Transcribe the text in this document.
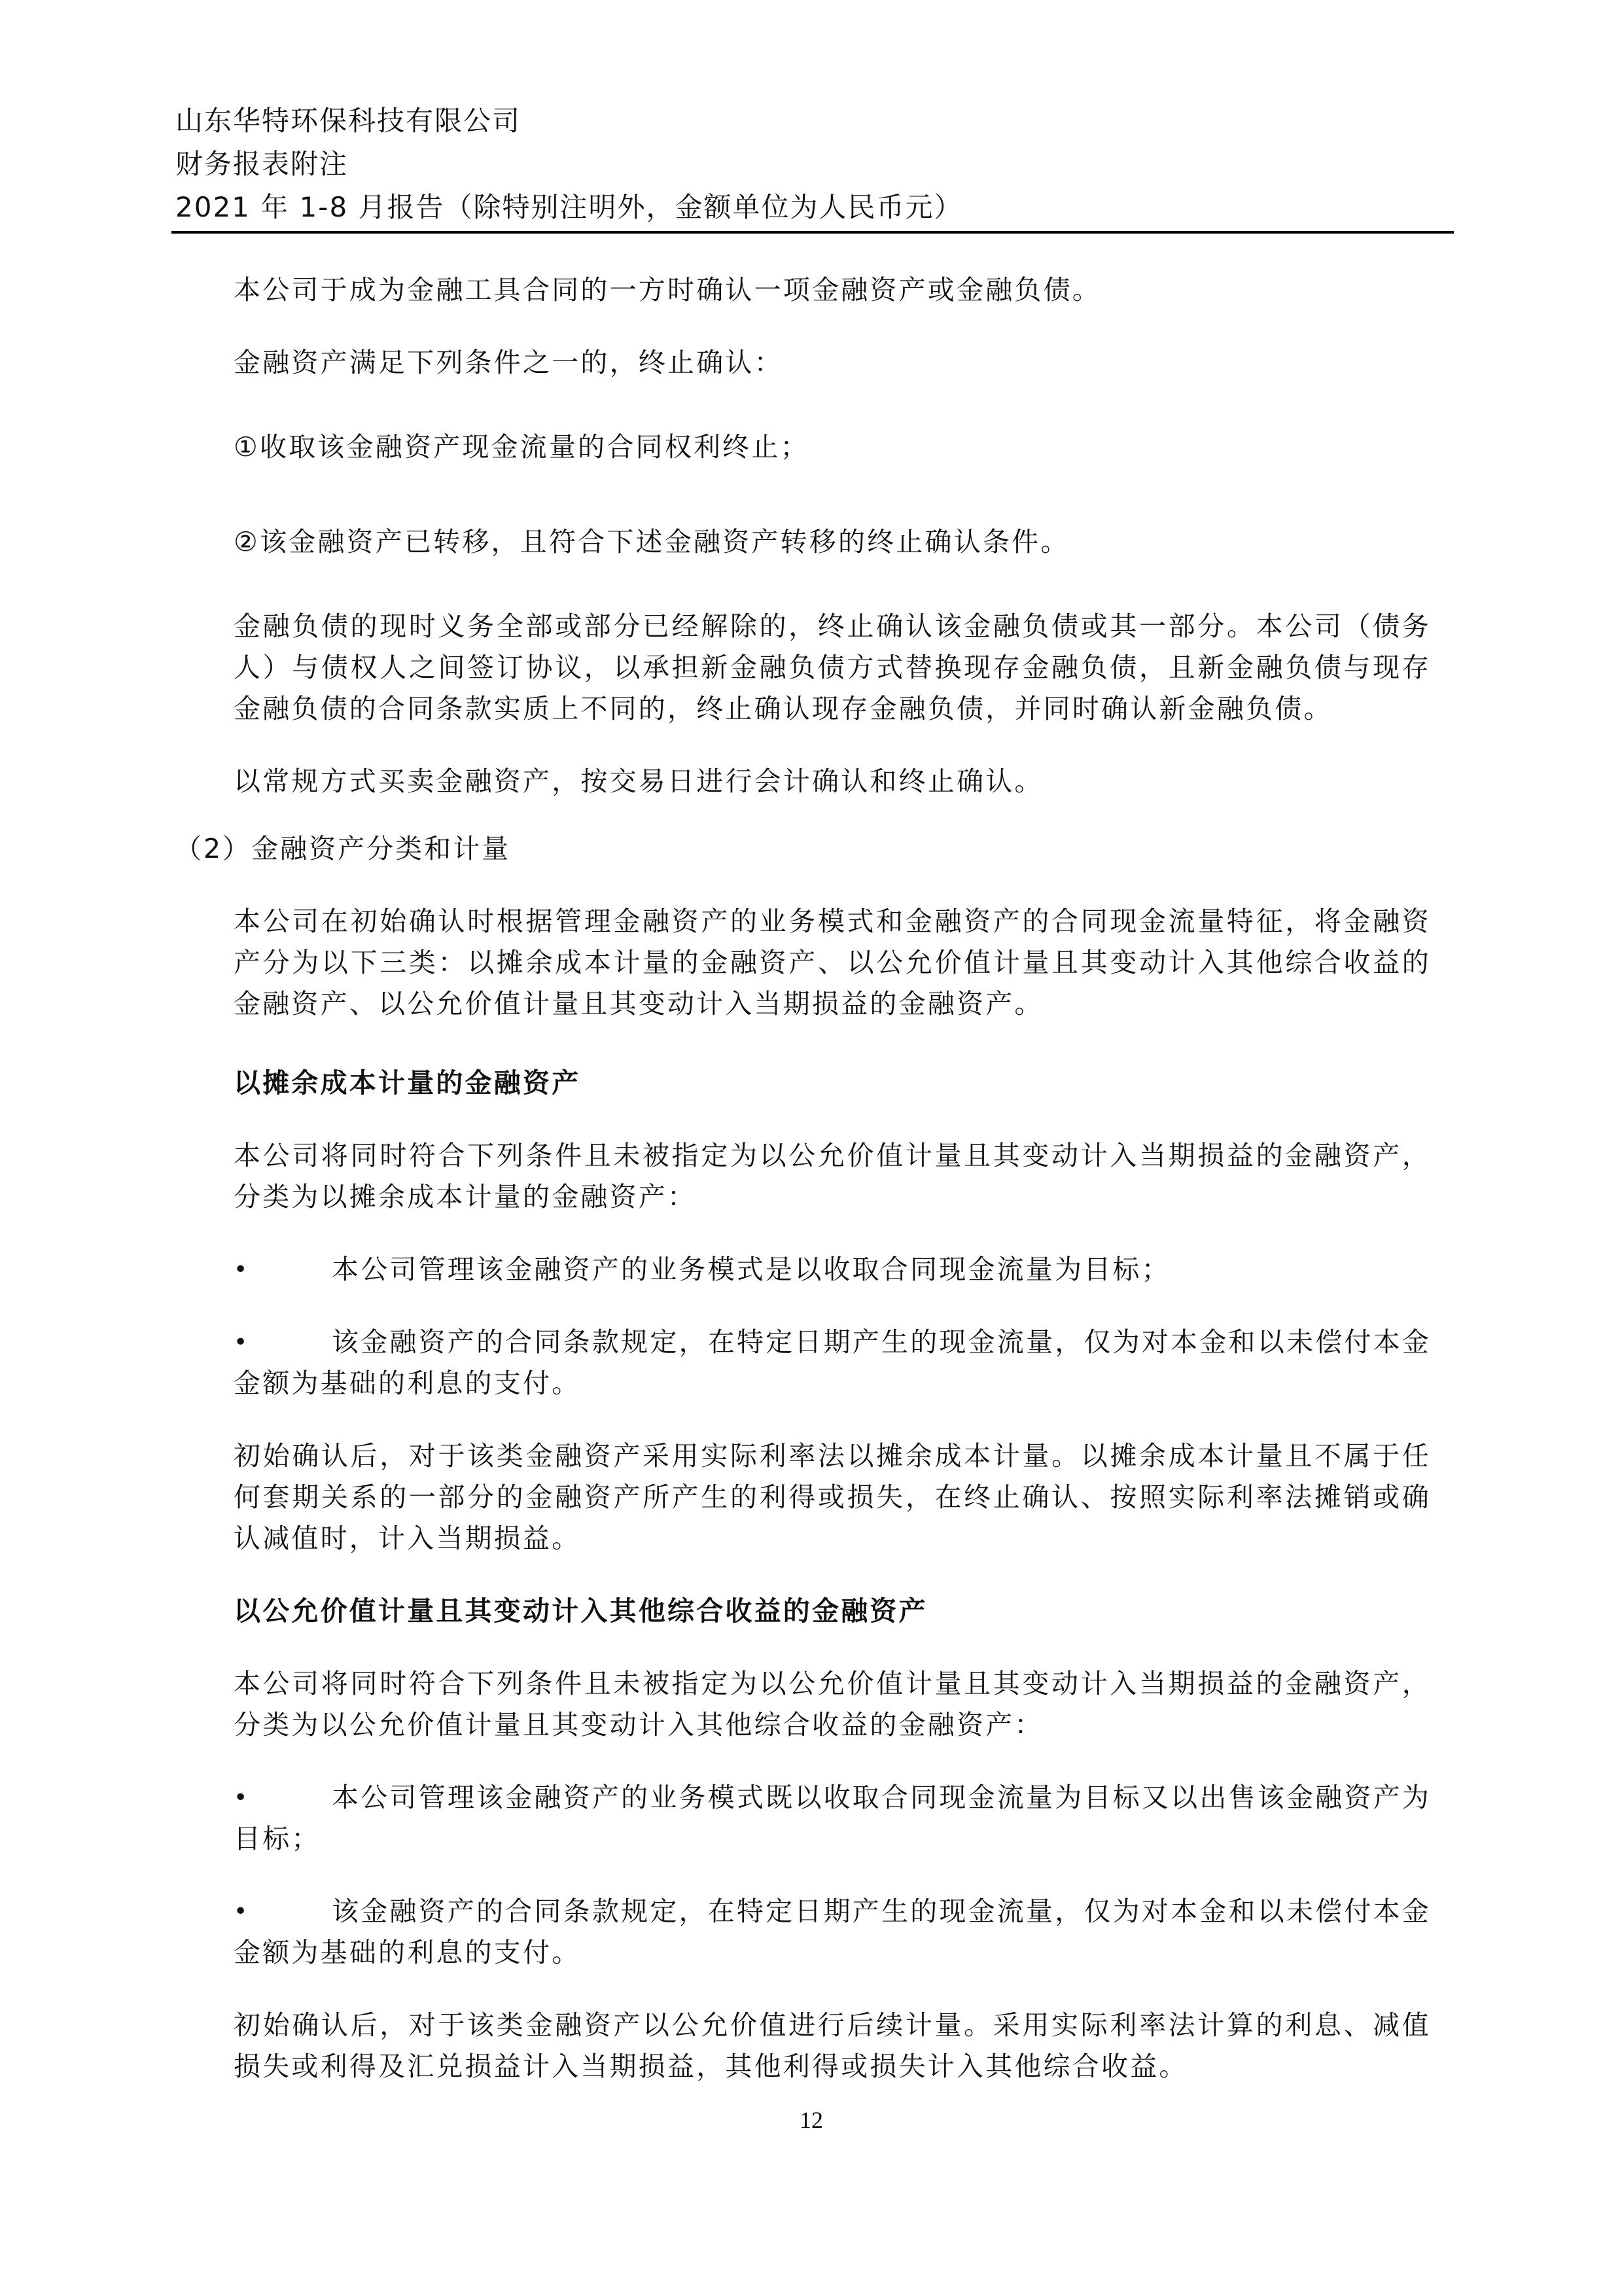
山东华特环保科技有限公司
财务报表附注
2021 年 1-8 月报告（除特别注明外，金额单位为人民币元）

本公司于成为金融工具合同的一方时确认一项金融资产或金融负债。

金融资产满足下列条件之一的，终止确认：

①收取该金融资产现金流量的合同权利终止；

②该金融资产已转移，且符合下述金融资产转移的终止确认条件。

金融负债的现时义务全部或部分已经解除的，终止确认该金融负债或其一部分。本公司（债务人）与债权人之间签订协议，以承担新金融负债方式替换现存金融负债，且新金融负债与现存金融负债的合同条款实质上不同的，终止确认现存金融负债，并同时确认新金融负债。

以常规方式买卖金融资产，按交易日进行会计确认和终止确认。

（2）金融资产分类和计量

本公司在初始确认时根据管理金融资产的业务模式和金融资产的合同现金流量特征，将金融资产分为以下三类：以摊余成本计量的金融资产、以公允价值计量且其变动计入其他综合收益的金融资产、以公允价值计量且其变动计入当期损益的金融资产。

以摊余成本计量的金融资产

本公司将同时符合下列条件且未被指定为以公允价值计量且其变动计入当期损益的金融资产，分类为以摊余成本计量的金融资产：

•	本公司管理该金融资产的业务模式是以收取合同现金流量为目标；
•	该金融资产的合同条款规定，在特定日期产生的现金流量，仅为对本金和以未偿付本金金额为基础的利息的支付。

初始确认后，对于该类金融资产采用实际利率法以摊余成本计量。以摊余成本计量且不属于任何套期关系的一部分的金融资产所产生的利得或损失，在终止确认、按照实际利率法摊销或确认减值时，计入当期损益。

以公允价值计量且其变动计入其他综合收益的金融资产

本公司将同时符合下列条件且未被指定为以公允价值计量且其变动计入当期损益的金融资产，分类为以公允价值计量且其变动计入其他综合收益的金融资产：

•	本公司管理该金融资产的业务模式既以收取合同现金流量为目标又以出售该金融资产为目标；
•	该金融资产的合同条款规定，在特定日期产生的现金流量，仅为对本金和以未偿付本金金额为基础的利息的支付。

初始确认后，对于该类金融资产以公允价值进行后续计量。采用实际利率法计算的利息、减值损失或利得及汇兑损益计入当期损益，其他利得或损失计入其他综合收益。

12
